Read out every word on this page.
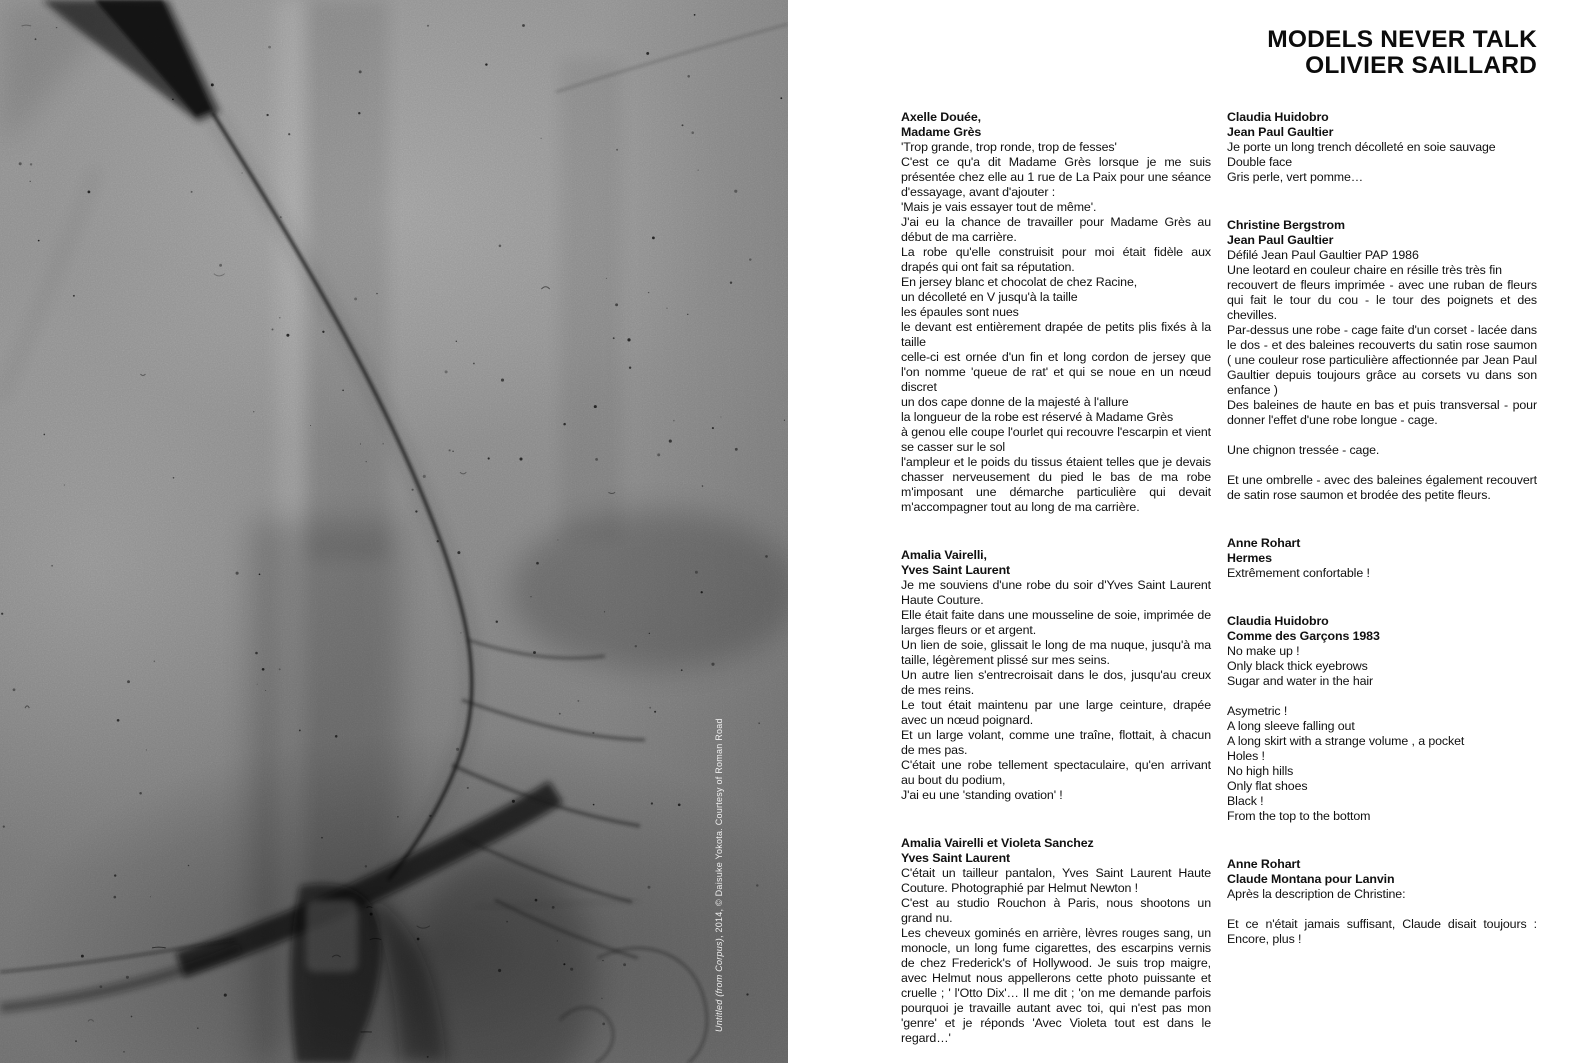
Untitled (from Corpus), 2014, © Daisuke Yokota. Courtesy of Roman Road
MODELS NEVER TALK
OLIVIER SAILLARD
Axelle Douée,
Madame Grès
'Trop grande, trop ronde, trop de fesses'
C'est ce qu'a dit Madame Grès lorsque je me suis présentée chez elle au 1 rue de La Paix pour une séance d'essayage, avant d'ajouter :
'Mais je vais essayer tout de même'.
J'ai eu la chance de travailler pour Madame Grès au début de ma carrière.
La robe qu'elle construisit pour moi était fidèle aux drapés qui ont fait sa réputation.
En jersey blanc et chocolat de chez Racine,
un décolleté en V jusqu'à la taille
les épaules sont nues
le devant est entièrement drapée de petits plis fixés à la taille
celle-ci est ornée d'un fin et long cordon de jersey que l'on nomme 'queue de rat' et qui se noue en un nœud discret
un dos cape donne de la majesté à l'allure
la longueur de la robe est réservé à Madame Grès
à genou elle coupe l'ourlet qui recouvre l'escarpin et vient se casser sur le sol
l'ampleur et le poids du tissus étaient telles que je devais chasser nerveusement du pied le bas de ma robe m'imposant une démarche particulière qui devait m'accompagner tout au long de ma carrière.
Amalia Vairelli,
Yves Saint Laurent
Je me souviens d'une robe du soir d'Yves Saint Laurent Haute Couture.
Elle était faite dans une mousseline de soie, imprimée de larges fleurs or et argent.
Un lien de soie, glissait le long de ma nuque, jusqu'à ma taille, légèrement plissé sur mes seins.
Un autre lien s'entrecroisait dans le dos, jusqu'au creux de mes reins.
Le tout était maintenu par une large ceinture, drapée avec un nœud poignard.
Et un large volant, comme une traîne, flottait, à chacun de mes pas.
C'était une robe tellement spectaculaire, qu'en arrivant au bout du podium,
J'ai eu une 'standing ovation' !
Amalia Vairelli et Violeta Sanchez
Yves Saint Laurent
C'était un tailleur pantalon, Yves Saint Laurent Haute Couture. Photographié par Helmut Newton !
C'est au studio Rouchon à Paris, nous shootons un grand nu.
Les cheveux gominés en arrière, lèvres rouges sang, un monocle, un long fume cigarettes, des escarpins vernis de chez Frederick's of Hollywood. Je suis trop maigre, avec Helmut nous appellerons cette photo puissante et cruelle ; ' l'Otto Dix'… Il me dit ; 'on me demande parfois pourquoi je travaille autant avec toi, qui n'est pas mon 'genre' et je réponds 'Avec Violeta tout est dans le regard…'
Claudia Huidobro
Jean Paul Gaultier
Je porte un long trench décolleté en soie sauvage
Double face
Gris perle, vert pomme…
Christine Bergstrom
Jean Paul Gaultier
Défilé Jean Paul Gaultier PAP 1986
Une leotard en couleur chaire en résille très très fin
recouvert de fleurs imprimée - avec une ruban de fleurs qui fait le tour du cou - le tour des poignets et des chevilles.
Par-dessus une robe - cage faite d'un corset - lacée dans le dos - et des baleines recouverts du satin rose saumon ( une couleur rose particulière affectionnée par Jean Paul Gaultier depuis toujours grâce au corsets vu dans son enfance )
Des baleines de haute en bas et puis transversal - pour donner l'effet d'une robe longue - cage.
Une chignon tressée - cage.
Et une ombrelle - avec des baleines également recouvert de satin rose saumon et brodée des petite fleurs.
Anne Rohart
Hermes
Extrêmement confortable !
Claudia Huidobro
Comme des Garçons 1983
No make up !
Only black thick eyebrows
Sugar and water in the hair
Asymetric !
A long sleeve falling out
A long skirt with a strange volume , a pocket
Holes !
No high hills
Only flat shoes
Black !
From the top to the bottom
Anne Rohart
Claude Montana pour Lanvin
Après la description de Christine:
Et ce n'était jamais suffisant, Claude disait toujours : Encore, plus !
